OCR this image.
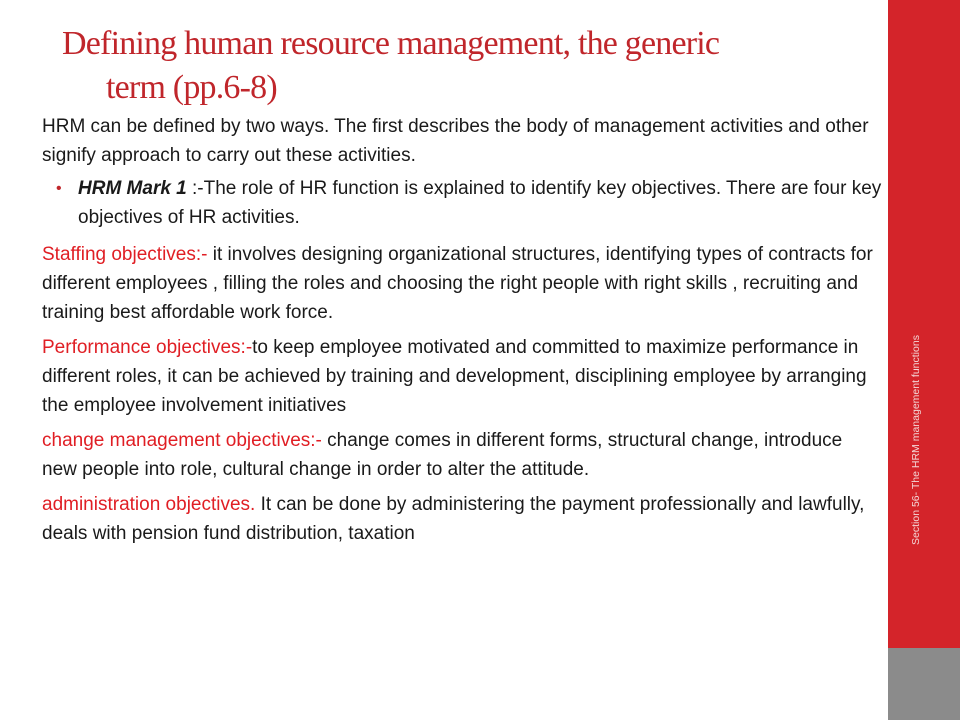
Defining human resource management, the generic
term (pp.6-8)

HRM can be defined by two ways. The first describes the body of management activities and other signify approach to carry out these activities.

• HRM Mark 1 :-The role of HR function is explained to identify key objectives. There are four key objectives of HR activities.

Staffing objectives:- it involves designing organizational structures, identifying types of contracts for different employees , filling the roles and choosing the right people with right skills , recruiting and training best affordable work force.

Performance objectives:-to keep employee motivated and committed to maximize performance in different roles, it can be achieved by training and development, disciplining employee by arranging the employee involvement initiatives

change management objectives:- change comes in different forms, structural change, introduce new people into role, cultural change in order to alter the attitude.

administration objectives. It can be done by administering the payment professionally and lawfully, deals with pension fund distribution, taxation	Section 56- The HRM management functions
